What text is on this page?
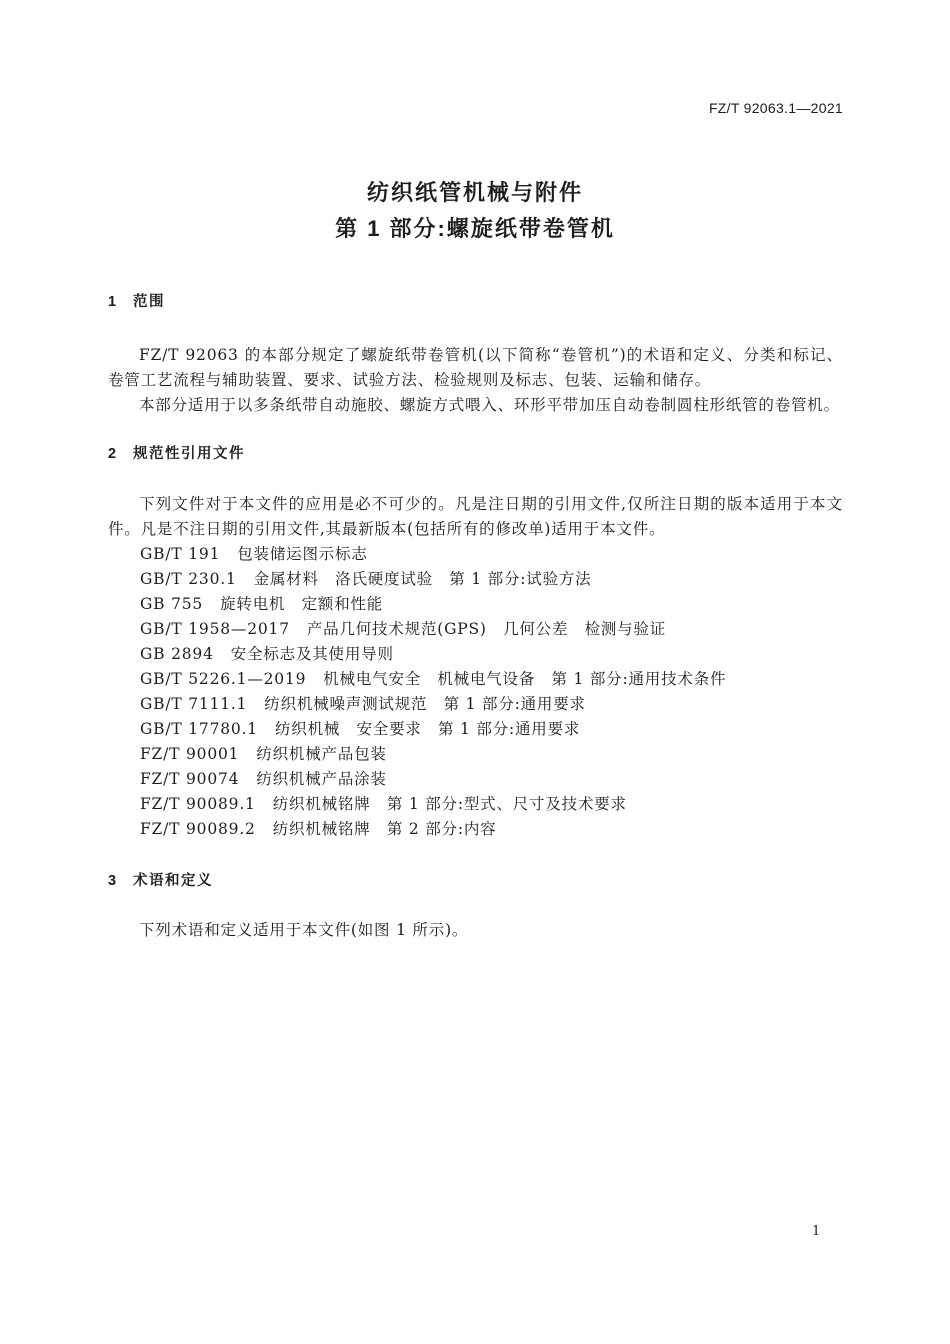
FZ/T 92063.1—2021
纺织纸管机械与附件
第 1 部分:螺旋纸带卷管机
1 范围

FZ/T 92063 的本部分规定了螺旋纸带卷管机(以下简称“卷管机”)的术语和定义、分类和标记、卷管工艺流程与辅助装置、要求、试验方法、检验规则及标志、包装、运输和储存。

本部分适用于以多条纸带自动施胶、螺旋方式喂入、环形平带加压自动卷制圆柱形纸管的卷管机。

2 规范性引用文件

下列文件对于本文件的应用是必不可少的。凡是注日期的引用文件,仅所注日期的版本适用于本文件。凡是不注日期的引用文件,其最新版本(包括所有的修改单)适用于本文件。

GB/T 191 包装储运图示标志
GB/T 230.1 金属材料　洛氏硬度试验　第 1 部分:试验方法
GB 755 旋转电机　定额和性能
GB/T 1958—2017 产品几何技术规范(GPS)　几何公差　检测与验证
GB 2894 安全标志及其使用导则
GB/T 5226.1—2019 机械电气安全　机械电气设备　第 1 部分:通用技术条件
GB/T 7111.1 纺织机械噪声测试规范　第 1 部分:通用要求
GB/T 17780.1 纺织机械　安全要求　第 1 部分:通用要求
FZ/T 90001 纺织机械产品包装
FZ/T 90074 纺织机械产品涂装
FZ/T 90089.1 纺织机械铭牌　第 1 部分:型式、尺寸及技术要求
FZ/T 90089.2 纺织机械铭牌　第 2 部分:内容
3 术语和定义

下列术语和定义适用于本文件(如图 1 所示)。

1
